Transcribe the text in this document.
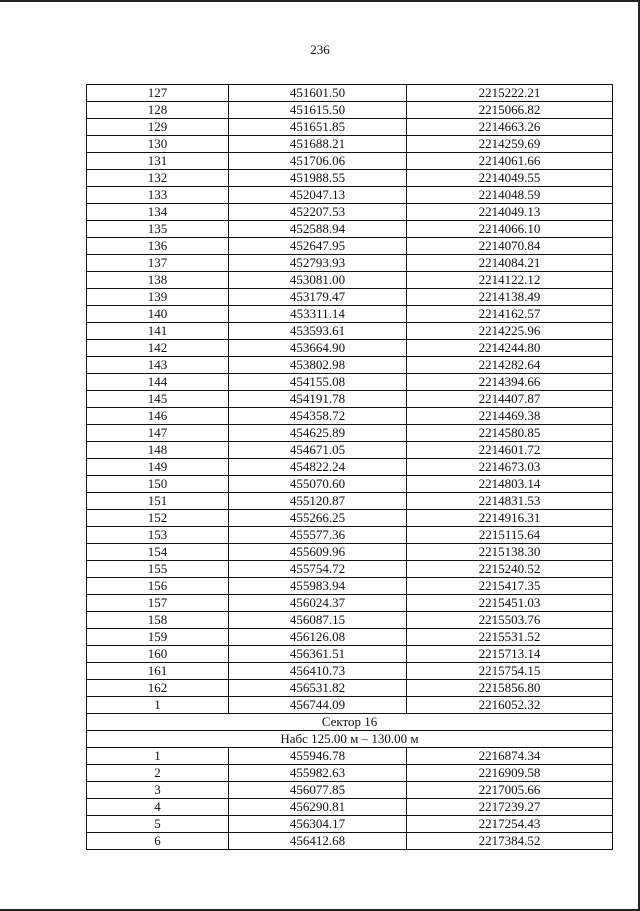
236
127	451601.50	2215222.21
128	451615.50	2215066.82
129	451651.85	2214663.26
130	451688.21	2214259.69
131	451706.06	2214061.66
132	451988.55	2214049.55
133	452047.13	2214048.59
134	452207.53	2214049.13
135	452588.94	2214066.10
136	452647.95	2214070.84
137	452793.93	2214084.21
138	453081.00	2214122.12
139	453179.47	2214138.49
140	453311.14	2214162.57
141	453593.61	2214225.96
142	453664.90	2214244.80
143	453802.98	2214282.64
144	454155.08	2214394.66
145	454191.78	2214407.87
146	454358.72	2214469.38
147	454625.89	2214580.85
148	454671.05	2214601.72
149	454822.24	2214673.03
150	455070.60	2214803.14
151	455120.87	2214831.53
152	455266.25	2214916.31
153	455577.36	2215115.64
154	455609.96	2215138.30
155	455754.72	2215240.52
156	455983.94	2215417.35
157	456024.37	2215451.03
158	456087.15	2215503.76
159	456126.08	2215531.52
160	456361.51	2215713.14
161	456410.73	2215754.15
162	456531.82	2215856.80
1	456744.09	2216052.32
Сектор 16		
Набс 125.00 м – 130.00 м		
1	455946.78	2216874.34
2	455982.63	2216909.58
3	456077.85	2217005.66
4	456290.81	2217239.27
5	456304.17	2217254.43
6	456412.68	2217384.52
